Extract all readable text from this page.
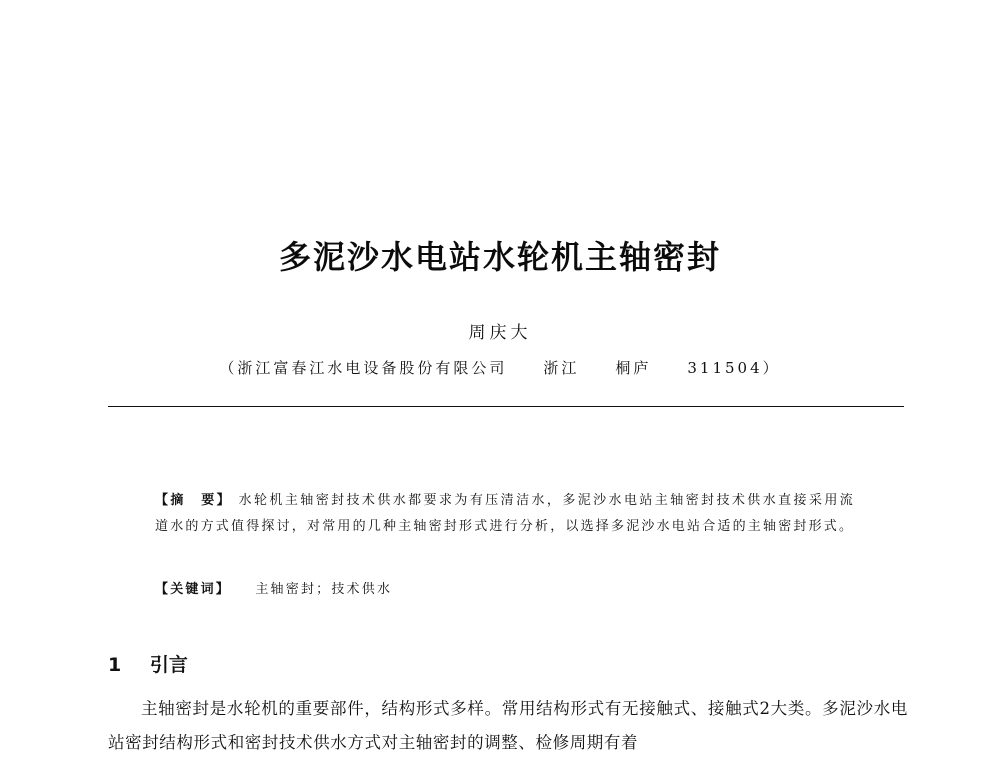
多泥沙水电站水轮机主轴密封
周庆大
（浙江富春江水电设备股份有限公司　　浙江　　桐庐　　311504）
【摘　要】 水轮机主轴密封技术供水都要求为有压清洁水，多泥沙水电站主轴密封技术供水直接采用流道水的方式值得探讨，对常用的几种主轴密封形式进行分析，以选择多泥沙水电站合适的主轴密封形式。
【关键词】 主轴密封；技术供水
1 引言
主轴密封是水轮机的重要部件，结构形式多样。常用结构形式有无接触式、接触式2大类。多泥沙水电站密封结构形式和密封技术供水方式对主轴密封的调整、检修周期有着
